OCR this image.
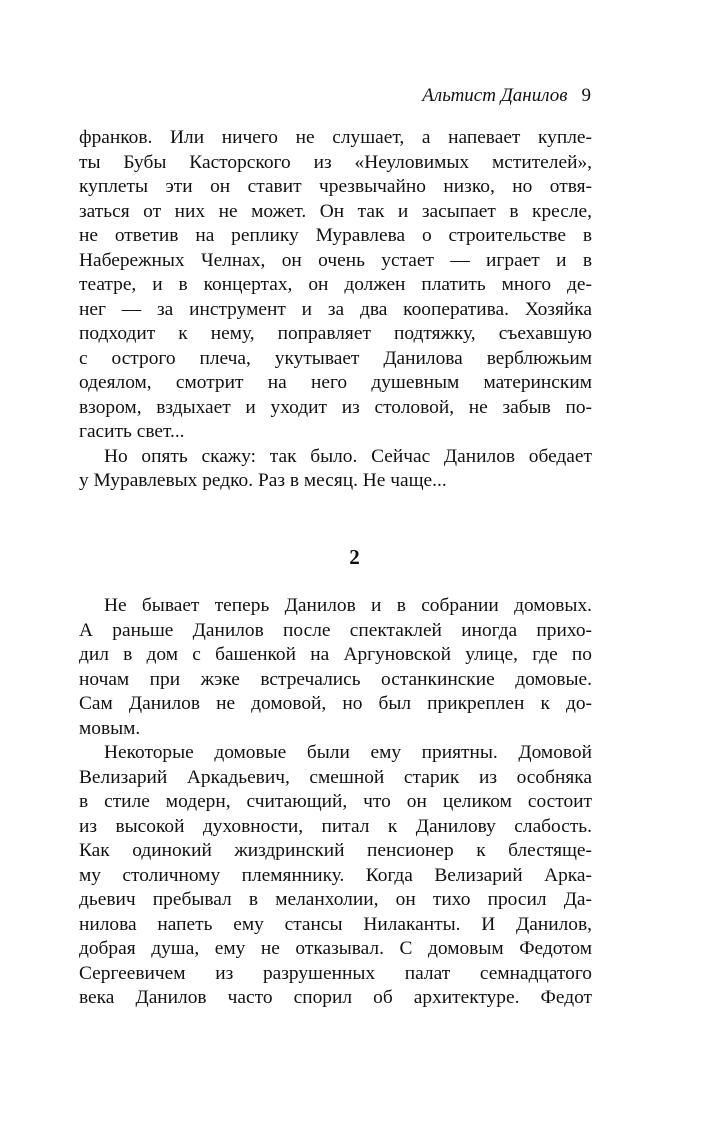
Альтист Данилов 9
франков. Или ничего не слушает, а напевает купле-
ты Бубы Касторского из «Неуловимых мстителей»,
куплеты эти он ставит чрезвычайно низко, но отвя-
заться от них не может. Он так и засыпает в кресле,
не ответив на реплику Муравлева о строительстве в
Набережных Челнах, он очень устает — играет и в
театре, и в концертах, он должен платить много де-
нег — за инструмент и за два кооператива. Хозяйка
подходит к нему, поправляет подтяжку, съехавшую
с острого плеча, укутывает Данилова верблюжьим
одеялом, смотрит на него душевным материнским
взором, вздыхает и уходит из столовой, не забыв по-
гасить свет...
Но опять скажу: так было. Сейчас Данилов обедает
у Муравлевых редко. Раз в месяц. Не чаще...
2
Не бывает теперь Данилов и в собрании домовых.
А раньше Данилов после спектаклей иногда прихо-
дил в дом с башенкой на Аргуновской улице, где по
ночам при жэке встречались останкинские домовые.
Сам Данилов не домовой, но был прикреплен к до-
мовым.
Некоторые домовые были ему приятны. Домовой
Велизарий Аркадьевич, смешной старик из особняка
в стиле модерн, считающий, что он целиком состоит
из высокой духовности, питал к Данилову слабость.
Как одинокий жиздринский пенсионер к блестяще-
му столичному племяннику. Когда Велизарий Арка-
дьевич пребывал в меланхолии, он тихо просил Да-
нилова напеть ему стансы Нилаканты. И Данилов,
добрая душа, ему не отказывал. С домовым Федотом
Сергеевичем из разрушенных палат семнадцатого
века Данилов часто спорил об архитектуре. Федот
